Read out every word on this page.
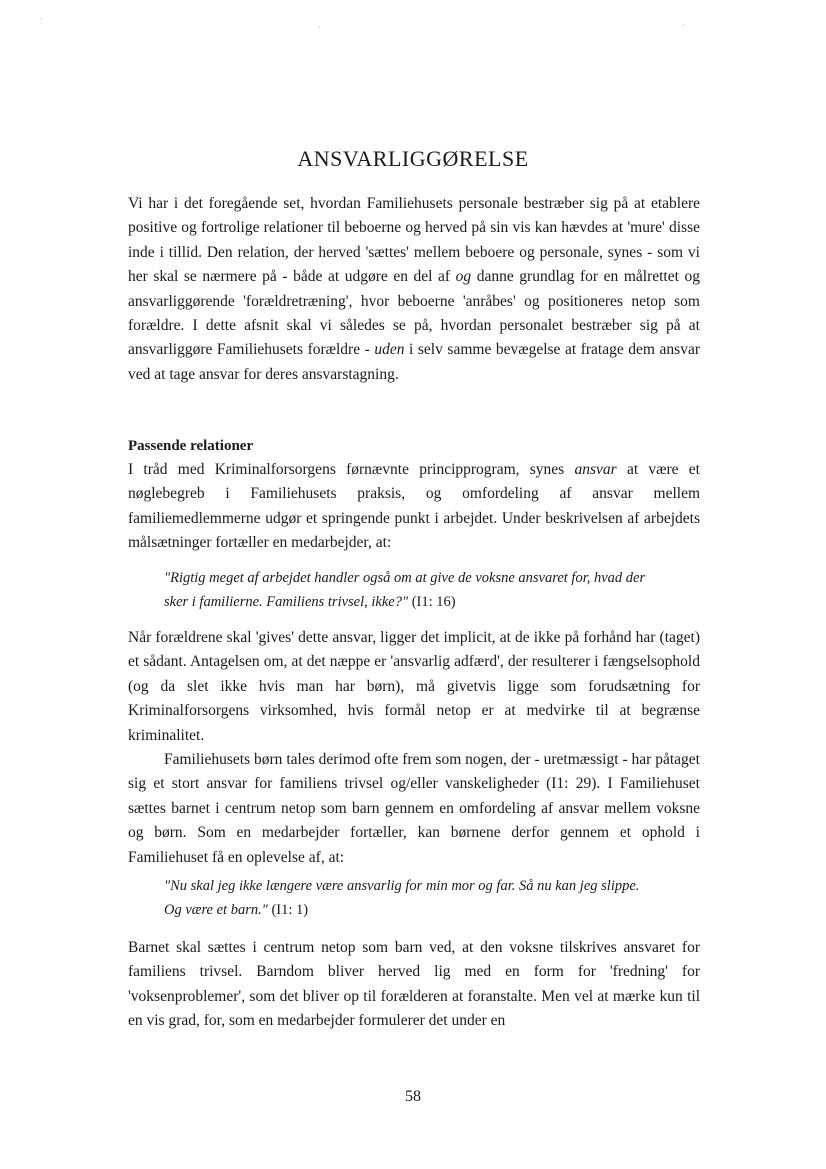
·
·	·
ANSVARLIGGØRELSE

Vi har i det foregående set, hvordan Familiehusets personale bestræber sig på at etablere positive og fortrolige relationer til beboerne og herved på sin vis kan hævdes at 'mure' disse inde i tillid. Den relation, der herved 'sættes' mellem beboere og personale, synes - som vi her skal se nærmere på - både at udgøre en del af og danne grundlag for en målrettet og ansvarliggørende 'forældretræning', hvor beboerne 'anråbes' og positioneres netop som forældre. I dette afsnit skal vi således se på, hvordan personalet bestræber sig på at ansvarliggøre Familiehusets forældre - uden i selv samme bevægelse at fratage dem ansvar ved at tage ansvar for deres ansvarstagning.

Passende relationer

I tråd med Kriminalforsorgens førnævnte principprogram, synes ansvar at være et nøglebegreb i Familiehusets praksis, og omfordeling af ansvar mellem familiemedlemmerne udgør et springende punkt i arbejdet. Under beskrivelsen af arbejdets målsætninger fortæller en medarbejder, at:

"Rigtig meget af arbejdet handler også om at give de voksne ansvaret for, hvad der
sker i familierne. Familiens trivsel, ikke?" (I1: 16)

Når forældrene skal 'gives' dette ansvar, ligger det implicit, at de ikke på forhånd har (taget) et sådant. Antagelsen om, at det næppe er 'ansvarlig adfærd', der resulterer i fængselsophold (og da slet ikke hvis man har børn), må givetvis ligge som forudsætning for Kriminalforsorgens virksomhed, hvis formål netop er at medvirke til at begrænse kriminalitet.

Familiehusets børn tales derimod ofte frem som nogen, der - uretmæssigt - har påtaget sig et stort ansvar for familiens trivsel og/eller vanskeligheder (I1: 29). I Familiehuset sættes barnet i centrum netop som barn gennem en omfordeling af ansvar mellem voksne og børn. Som en medarbejder fortæller, kan børnene derfor gennem et ophold i Familiehuset få en oplevelse af, at:

"Nu skal jeg ikke længere være ansvarlig for min mor og far. Så nu kan jeg slippe.
Og være et barn." (I1: 1)

Barnet skal sættes i centrum netop som barn ved, at den voksne tilskrives ansvaret for familiens trivsel. Barndom bliver herved lig med en form for 'fredning' for 'voksenproblemer', som det bliver op til forælderen at foranstalte. Men vel at mærke kun til en vis grad, for, som en medarbejder formulerer det under en

58
